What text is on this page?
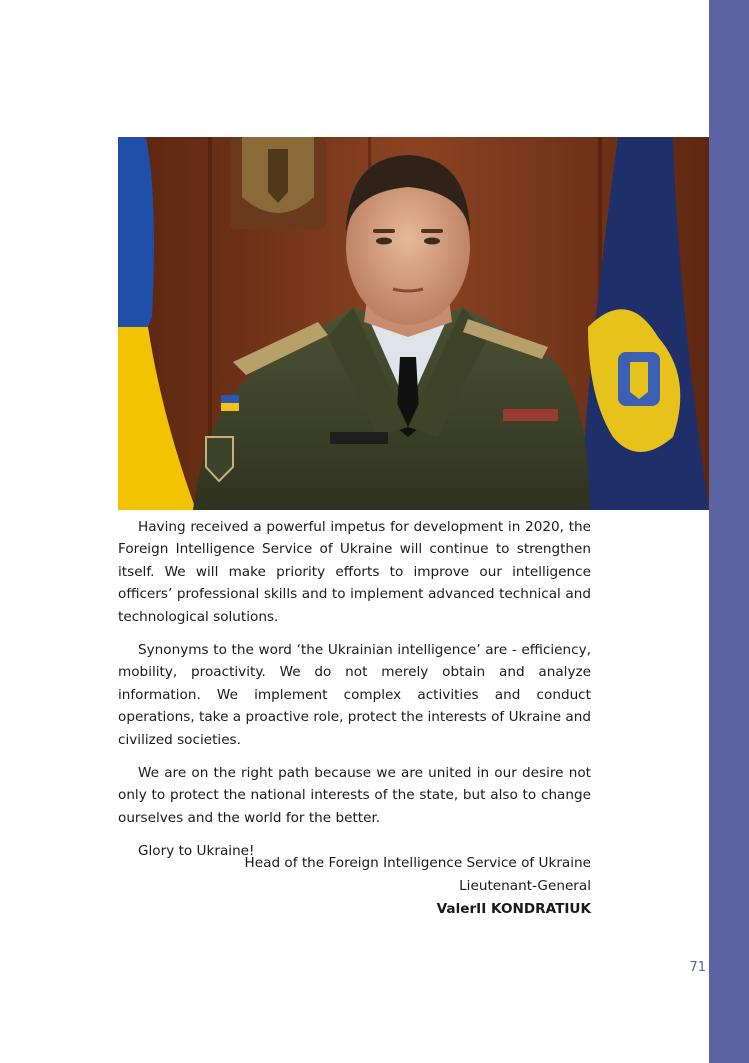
Having received a powerful impetus for development in 2020, the Foreign Intelligence Service of Ukraine will continue to strengthen itself. We will make priority efforts to improve our intelligence officers’ professional skills and to implement advanced technical and technological solutions.

Synonyms to the word ‘the Ukrainian intelligence’ are - efficiency, mobility, proactivity. We do not merely obtain and analyze information. We implement complex activities and conduct operations, take a proactive role, protect the interests of Ukraine and civilized societies.

We are on the right path because we are united in our desire not only to protect the national interests of the state, but also to change ourselves and the world for the better.

Glory to Ukraine!

Head of the Foreign Intelligence Service of Ukraine
Lieutenant-General
ValerII KONDRATIUK
71
